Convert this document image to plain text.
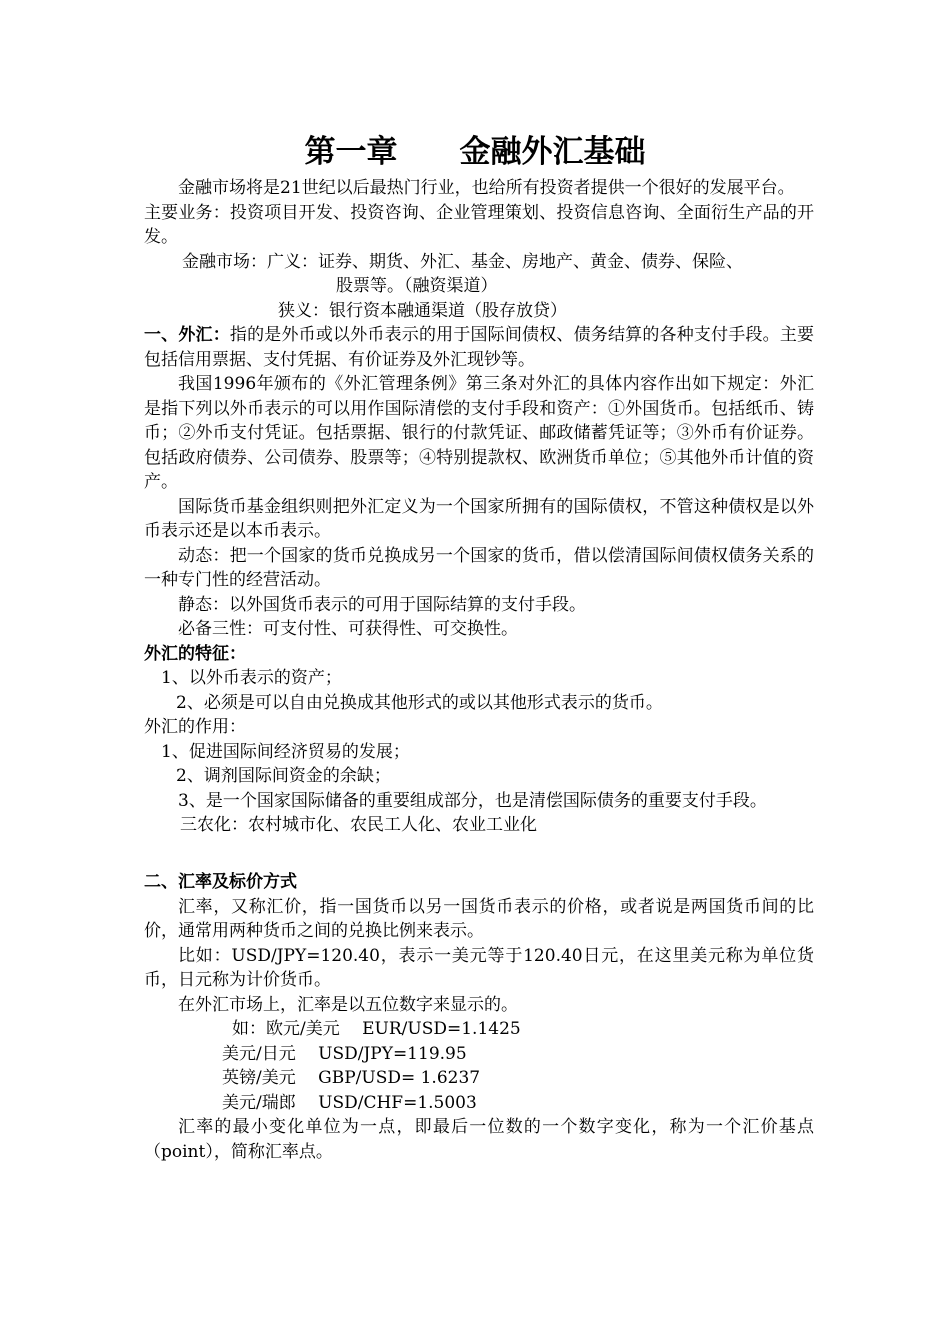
第一章　　金融外汇基础

金融市场将是21世纪以后最热门行业，也给所有投资者提供一个很好的发展平台。

主要业务：投资项目开发、投资咨询、企业管理策划、投资信息咨询、全面衍生产品的开发。

金融市场：广义：证券、期货、外汇、基金、房地产、黄金、债券、保险、

股票等。（融资渠道）

狭义：银行资本融通渠道（股存放贷）

一、外汇：指的是外币或以外币表示的用于国际间债权、债务结算的各种支付手段。主要包括信用票据、支付凭据、有价证券及外汇现钞等。

我国1996年颁布的《外汇管理条例》第三条对外汇的具体内容作出如下规定：外汇是指下列以外币表示的可以用作国际清偿的支付手段和资产：①外国货币。包括纸币、铸币；②外币支付凭证。包括票据、银行的付款凭证、邮政储蓄凭证等；③外币有价证券。包括政府债券、公司债券、股票等；④特别提款权、欧洲货币单位；⑤其他外币计值的资产。

国际货币基金组织则把外汇定义为一个国家所拥有的国际债权，不管这种债权是以外币表示还是以本币表示。

动态：把一个国家的货币兑换成另一个国家的货币，借以偿清国际间债权债务关系的一种专门性的经营活动。

静态：以外国货币表示的可用于国际结算的支付手段。

必备三性：可支付性、可获得性、可交换性。

外汇的特征：

1、以外币表示的资产；

2、必须是可以自由兑换成其他形式的或以其他形式表示的货币。

外汇的作用：

1、促进国际间经济贸易的发展；

2、调剂国际间资金的余缺；

3、是一个国家国际储备的重要组成部分，也是清偿国际债务的重要支付手段。

三农化：农村城市化、农民工人化、农业工业化

二、汇率及标价方式

汇率，又称汇价，指一国货币以另一国货币表示的价格，或者说是两国货币间的比价，通常用两种货币之间的兑换比例来表示。

比如：USD/JPY=120.40，表示一美元等于120.40日元，在这里美元称为单位货币，日元称为计价货币。

在外汇市场上，汇率是以五位数字来显示的。

如：欧元/美元　 EUR/USD=1.1425

美元/日元　 USD/JPY=119.95

英镑/美元　 GBP/USD= 1.6237

美元/瑞郎　 USD/CHF=1.5003

汇率的最小变化单位为一点，即最后一位数的一个数字变化，称为一个汇价基点（point），简称汇率点。
